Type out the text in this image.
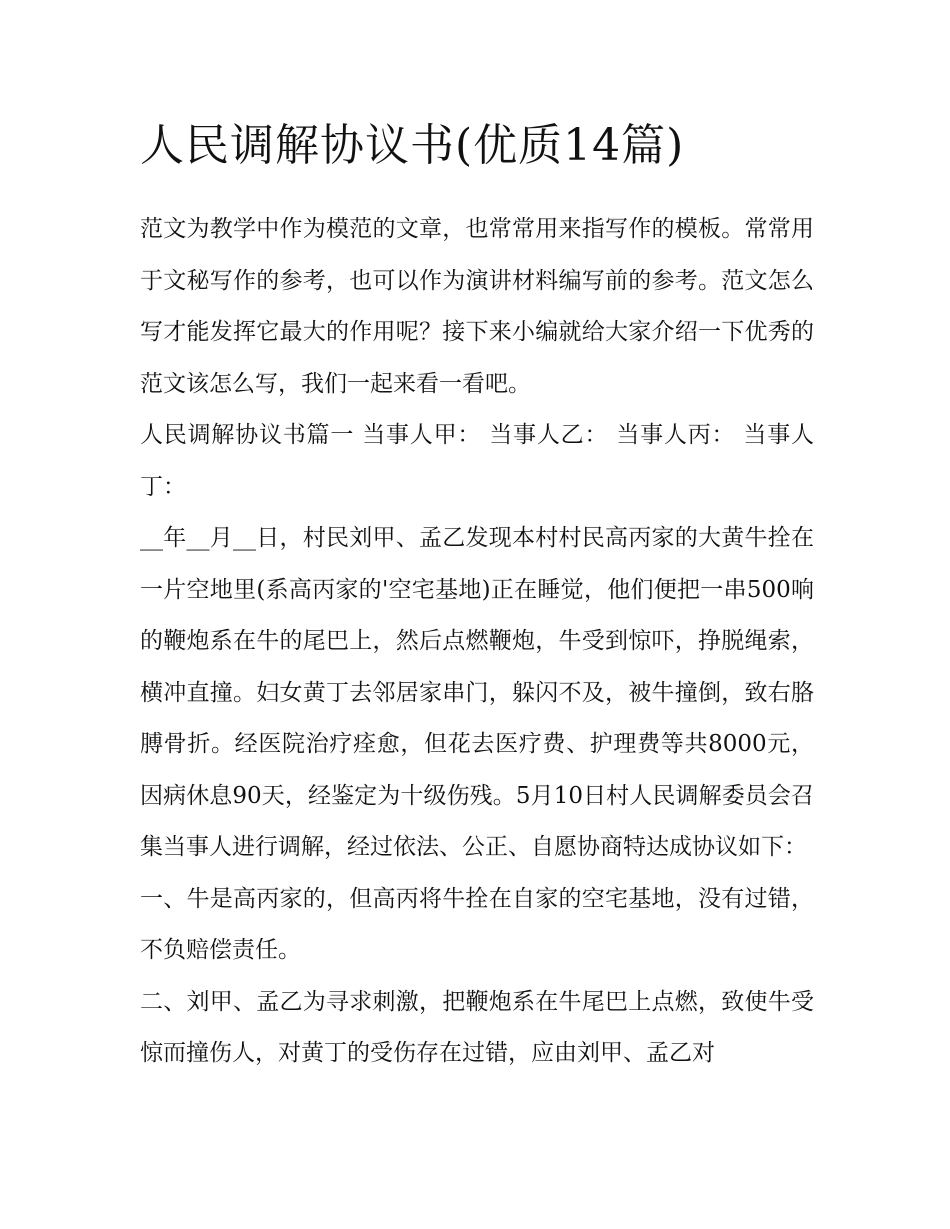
人民调解协议书(优质14篇)

范文为教学中作为模范的文章，也常常用来指写作的模板。常常用于文秘写作的参考，也可以作为演讲材料编写前的参考。范文怎么写才能发挥它最大的作用呢？接下来小编就给大家介绍一下优秀的范文该怎么写，我们一起来看一看吧。

人民调解协议书篇一 当事人甲： 当事人乙： 当事人丙： 当事人丁：

__年__月__日，村民刘甲、孟乙发现本村村民高丙家的大黄牛拴在一片空地里(系高丙家的'空宅基地)正在睡觉，他们便把一串500响的鞭炮系在牛的尾巴上，然后点燃鞭炮，牛受到惊吓，挣脱绳索，横冲直撞。妇女黄丁去邻居家串门，躲闪不及，被牛撞倒，致右胳膊骨折。经医院治疗痊愈，但花去医疗费、护理费等共8000元，因病休息90天，经鉴定为十级伤残。5月10日村人民调解委员会召集当事人进行调解，经过依法、公正、自愿协商特达成协议如下：

一、牛是高丙家的，但高丙将牛拴在自家的空宅基地，没有过错，不负赔偿责任。

二、刘甲、孟乙为寻求刺激，把鞭炮系在牛尾巴上点燃，致使牛受惊而撞伤人，对黄丁的受伤存在过错，应由刘甲、孟乙对
